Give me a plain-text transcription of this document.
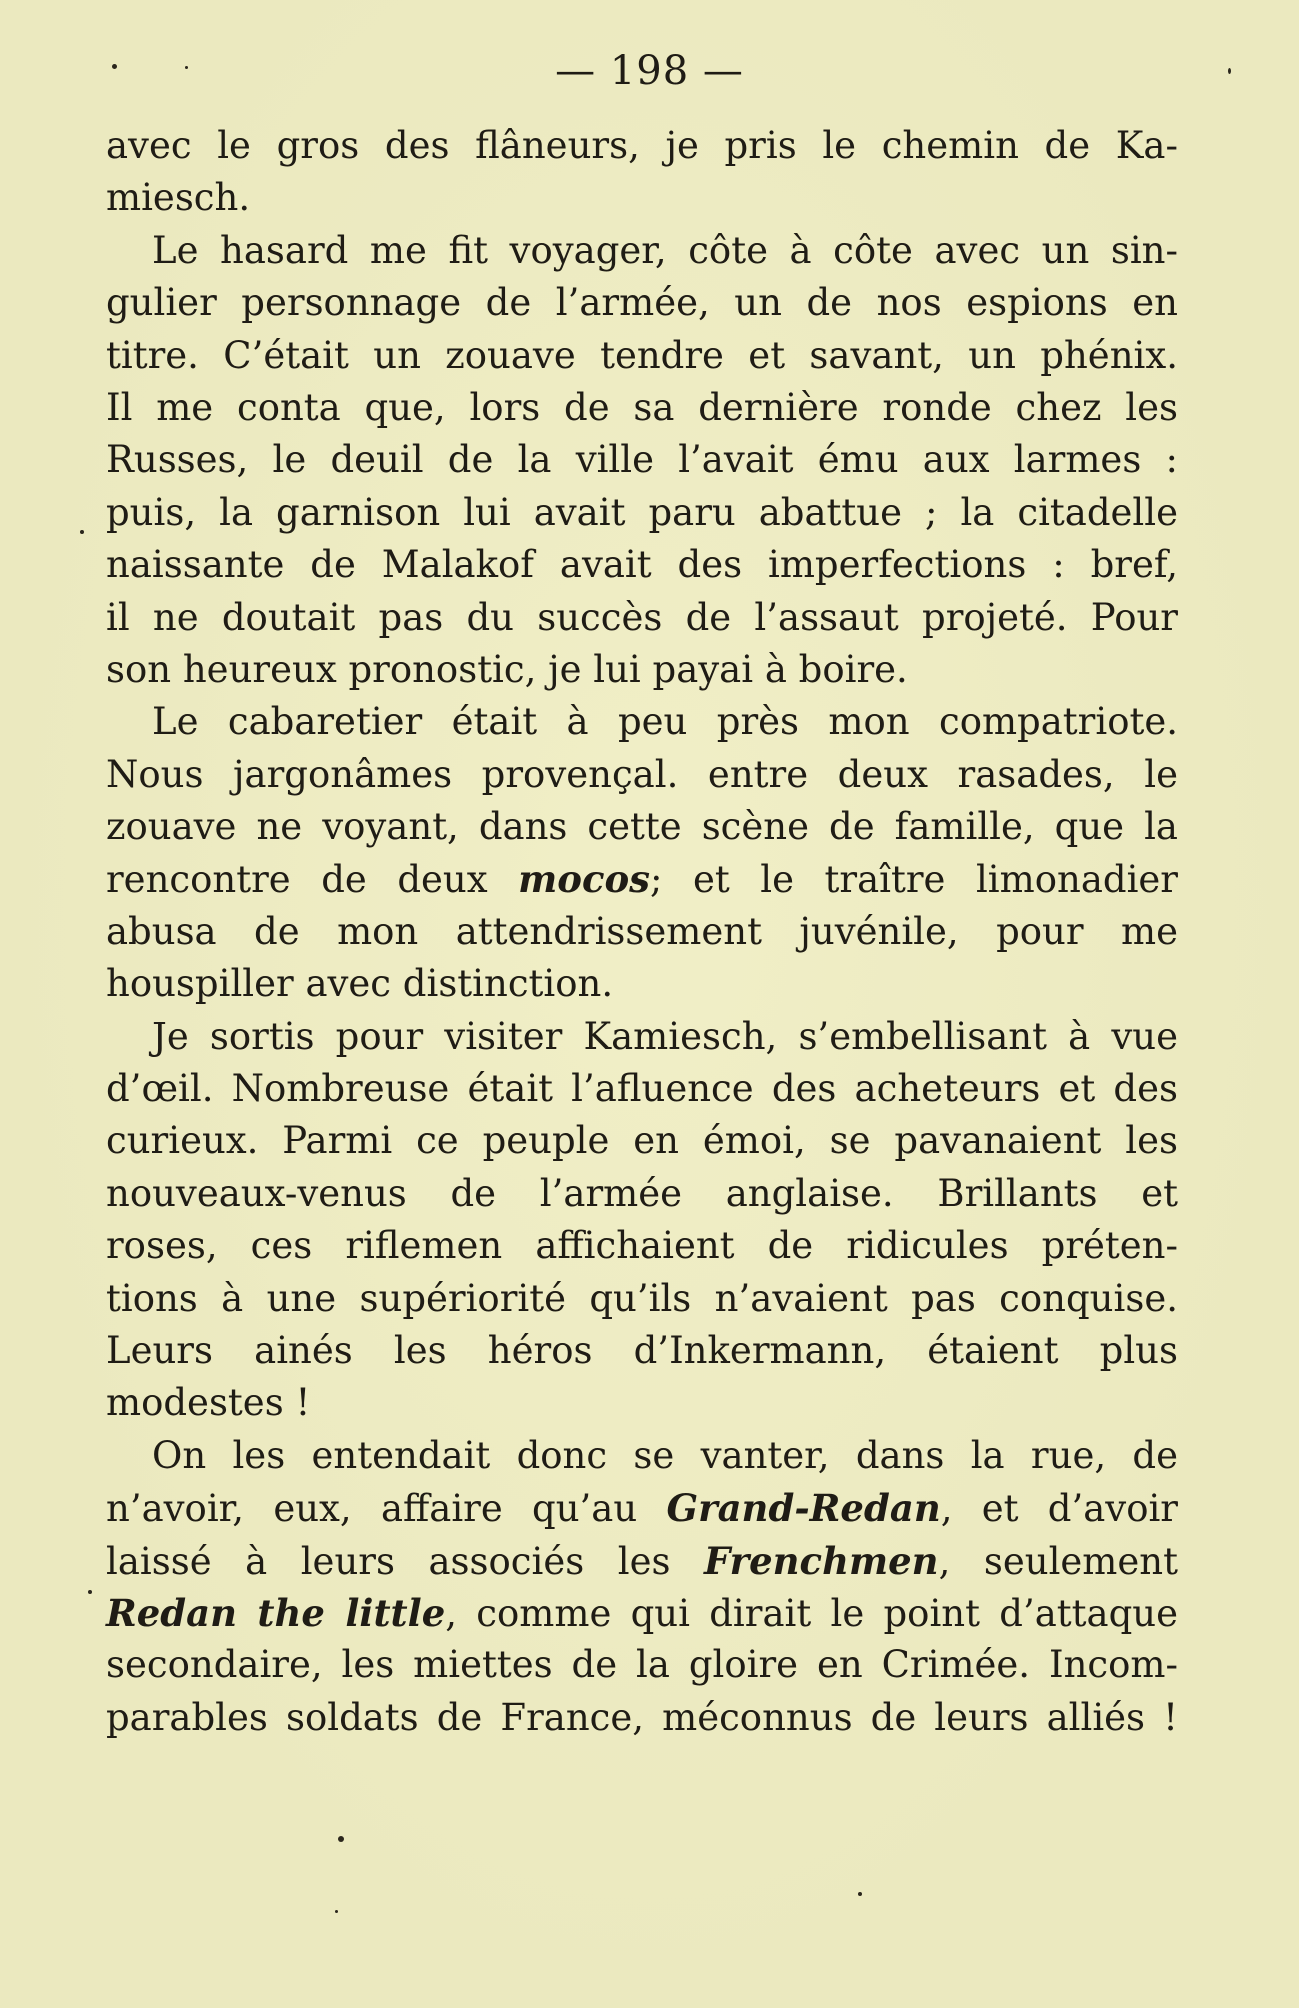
— 198 —
avec le gros des flâneurs, je pris le chemin de Ka-
miesch.
Le hasard me fit voyager, côte à côte avec un sin-
gulier personnage de l’armée, un de nos espions en
titre. C’était un zouave tendre et savant, un phénix.
Il me conta que, lors de sa dernière ronde chez les
Russes, le deuil de la ville l’avait ému aux larmes :
puis, la garnison lui avait paru abattue ; la citadelle
naissante de Malakof avait des imperfections : bref,
il ne doutait pas du succès de l’assaut projeté. Pour
son heureux pronostic, je lui payai à boire.
Le cabaretier était à peu près mon compatriote.
Nous jargonâmes provençal. entre deux rasades, le
zouave ne voyant, dans cette scène de famille, que la
rencontre de deux mocos; et le traître limonadier
abusa de mon attendrissement juvénile, pour me
houspiller avec distinction.
Je sortis pour visiter Kamiesch, s’embellisant à vue
d’œil. Nombreuse était l’afluence des acheteurs et des
curieux. Parmi ce peuple en émoi, se pavanaient les
nouveaux-venus de l’armée anglaise. Brillants et
roses, ces riflemen affichaient de ridicules préten-
tions à une supériorité qu’ils n’avaient pas conquise.
Leurs ainés les héros d’Inkermann, étaient plus
modestes !
On les entendait donc se vanter, dans la rue, de
n’avoir, eux, affaire qu’au Grand-Redan, et d’avoir
laissé à leurs associés les Frenchmen, seulement
Redan the little, comme qui dirait le point d’attaque
secondaire, les miettes de la gloire en Crimée. Incom-
parables soldats de France, méconnus de leurs alliés !
